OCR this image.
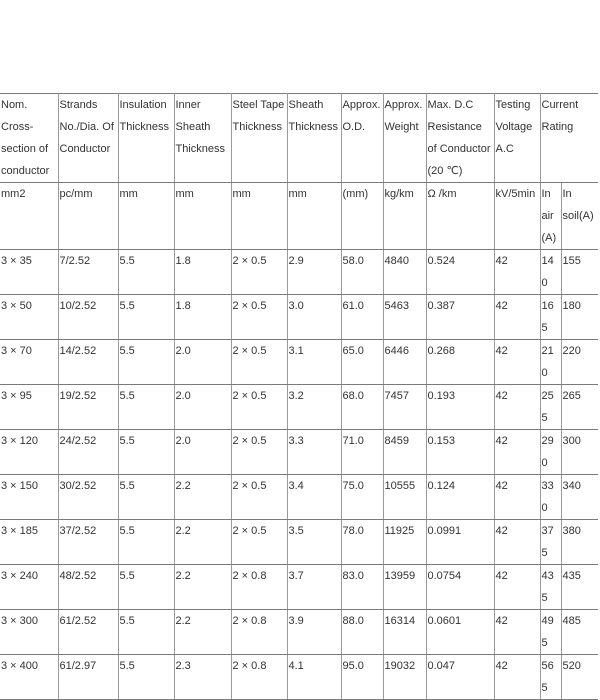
Nom.
Cross-
section of
conductor	Strands
No./Dia. Of
Conductor	Insulation
Thickness	Inner
Sheath
Thickness	Steel Tape
Thickness	Sheath
Thickness	Approx.
O.D.	Approx.
Weight	Max. D.C
Resistance
of Conductor
(20 ℃)	Testing
Voltage
A.C	Current
Rating	

mm2	pc/mm	mm	mm	mm	mm	(mm)	kg/km	Ω /km	kV/5min	In
air
(A)	In
soil(A)

3 × 35	7/2.52	5.5	1.8	2 × 0.5	2.9	58.0	4840	0.524	42	140	155
3 × 50	10/2.52	5.5	1.8	2 × 0.5	3.0	61.0	5463	0.387	42	165	180
3 × 70	14/2.52	5.5	2.0	2 × 0.5	3.1	65.0	6446	0.268	42	210	220
3 × 95	19/2.52	5.5	2.0	2 × 0.5	3.2	68.0	7457	0.193	42	255	265
3 × 120	24/2.52	5.5	2.0	2 × 0.5	3.3	71.0	8459	0.153	42	290	300
3 × 150	30/2.52	5.5	2.2	2 × 0.5	3.4	75.0	10555	0.124	42	330	340
3 × 185	37/2.52	5.5	2.2	2 × 0.5	3.5	78.0	11925	0.0991	42	375	380
3 × 240	48/2.52	5.5	2.2	2 × 0.8	3.7	83.0	13959	0.0754	42	435	435
3 × 300	61/2.52	5.5	2.2	2 × 0.8	3.9	88.0	16314	0.0601	42	495	485
3 × 400	61/2.97	5.5	2.3	2 × 0.8	4.1	95.0	19032	0.047	42	565	520
